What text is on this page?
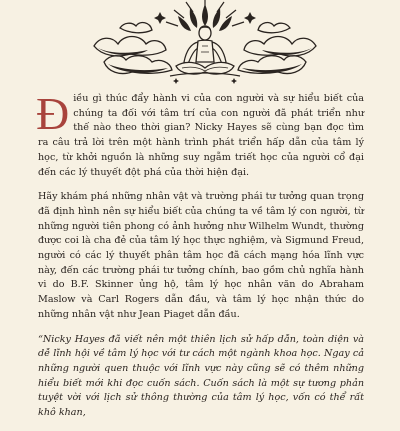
Điều gì thúc đẩy hành vi của con người và sự hiểu biết của chúng ta đối với tâm trí của con người đã phát triển như thế nào theo thời gian? Nicky Hayes sẽ cùng bạn đọc tìm ra câu trả lời trên một hành trình phát triển hấp dẫn của tâm lý học, từ khởi nguồn là những suy ngẫm triết học của người cổ đại đến các lý thuyết đột phá của thời hiện đại.

Hãy khám phá những nhân vật và trường phái tư tưởng quan trọng đã định hình nên sự hiểu biết của chúng ta về tâm lý con người, từ những người tiên phong có ảnh hưởng như Wilhelm Wundt, thường được coi là cha đẻ của tâm lý học thực nghiệm, và Sigmund Freud, người có các lý thuyết phân tâm học đã cách mạng hóa lĩnh vực này, đến các trường phái tư tưởng chính, bao gồm chủ nghĩa hành vi do B.F. Skinner ủng hộ, tâm lý học nhân văn do Abraham Maslow và Carl Rogers dẫn đầu, và tâm lý học nhận thức do những nhân vật như Jean Piaget dẫn đầu.

“Nicky Hayes đã viết nên một thiên lịch sử hấp dẫn, toàn diện và dễ lĩnh hội về tâm lý học với tư cách một ngành khoa học. Ngay cả những người quen thuộc với lĩnh vực này cũng sẽ có thêm những hiểu biết mới khi đọc cuốn sách. Cuốn sách là một sự tương phản tuyệt vời với lịch sử thông thường của tâm lý học, vốn có thể rất khô khan,
